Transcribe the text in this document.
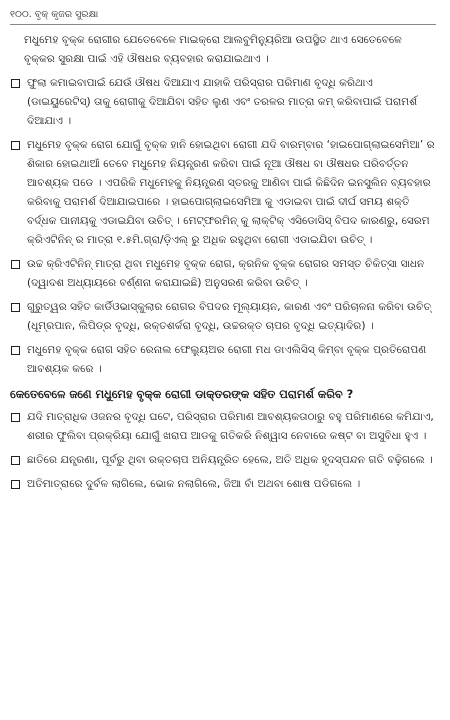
୧୦୦. ବୃକ୍ କୃଜର ସୁରକ୍ଷା

ମଧୁମେହ ବୃକ୍କ ରୋଗୀର ଯେତେବେଳେ ମାଇକ୍ରୋ ଆଲବୁମିନ୍ୟୁରିଆ ଉପସ୍ଥିତ ଥାଏ ସେତେବେଳେ ବୃକ୍କର ସୁରକ୍ଷା ପାଇଁ ଏହି ଔଷଧର ବ୍ୟବହାର କରାଯାଇଥାଏ ।

ଫୁଲା କମାଇବାପାଇଁ ଯେଉଁ ଔଷଧ ଦିଆଯାଏ ଯାହାକି ପରିସ୍ରାର ପରିମାଣ ବୃଦ୍ଧି କରିଥାଏ (ଡାଇୟୁରେଟିସ୍) ତାକୁ ରୋଗୀକୁ ଦିଆଯିବା ସହିତ ଲୁଣ ଏବଂ ତରଳର ମାତ୍ରା କମ୍ କରିବାପାଇଁ ପରାମର୍ଶ ଦିଆଯାଏ ।
ମଧୁମେହ ବୃକ୍କ ରୋଗ ଯୋଗୁଁ ବୃକ୍କ ହାନି ହୋଇଥିବା ରୋଗୀ ଯଦି ବାରମ୍ବାର ‘ହାଇପୋଗ୍ଲାଇସେମିଆ’ ର ଶିକାର ହୋଇଥାଆଁ ତେବେ ମଧୁମେହ ନିୟନ୍ତ୍ରଣ କରିବା ପାଇଁ ନୂଆ ଔଷଧ ବା ଔଷଧର ପରିବର୍ତ୍ତନ ଆବଶ୍ୟକ ପଡେ । ଏପରିକି ମଧୁମେହକୁ ନିୟନ୍ତ୍ରଣ ସ୍ତରକୁ ଆଣିବା ପାଇଁ କିଛିଦିନ ଇନସୁଲିନ ବ୍ୟବହାର କରିବାକୁ ପରାମର୍ଶ ଦିଆଯାଇପାରେ । ହାଇପୋଗ୍ଲାଇସେମିଆ କୁ ଏଡାଇବା ପାଇଁ ଦୀର୍ଘ ସମୟ ଶକ୍ତି ବର୍ଦ୍ଧକ ପାନୀୟକୁ ଏଡାଇଯିବା ଉଚିତ୍ । ମେଟ୍‌ଫରମିନ୍ କୁ ଲାକ୍ଟିକ୍ ଏସିଡୋସିସ୍ ବିପଦ କାରଣରୁ, ସେରମ କ୍ରିଏଟିନିନ୍ ର ମାତ୍ରା ୧.୫ମି.ଗ୍ରା/ଡ଼ିଏଲ୍ ରୁ ଅଧିକ ରହୁଥିବା ରୋଗୀ ଏଡାଇଯିବା ଉଚିତ୍ ।
ଉଚ୍ଚ କ୍ରିଏଟିନିନ୍ ମାତ୍ରା ଥିବା ମଧୁମେହ ବୃକ୍କ ରୋଗ, କ୍ରନିକ ବୃକ୍କ ରୋଗର ସମସ୍ତ ଚିକିତ୍ସା ସାଧନ (ଦ୍ୱାଦଶ ଅଧ୍ୟାୟରେ ବର୍ଣ୍ଣନା କରାଯାଇଛି) ଅନୁସରଣ କରିବା ଉଚିତ୍ ।
ଗୁରୁତ୍ୱର ସହିତ କାର୍ଡିଓଭାସ୍କୁଲାର ରୋଗର ବିପଦର ମୂଲ୍ୟାୟନ, କାରଣ ଏବଂ ପରିଚାଳନା କରିବା ଉଚିତ୍ (ଧୂମ୍ରପାନ, ଲିପିଡ୍‌ର ବୃଦ୍ଧି, ରକ୍ତଶର୍କରା ବୃଦ୍ଧି, ଉଚ୍ଚରକ୍ତ ଚାପର ବୃଦ୍ଧି ଇତ୍ୟାଦିର) ।
ମଧୁମେହ ବୃକ୍କ ରୋଗ ସହିତ ରେନାଲ ଫେଲ୍ୟୁଅର ରୋଗୀ ମଧ ଡାଏଲିସିସ୍ କିମ୍ବା ବୃକ୍କ ପ୍ରତିରୋପଣ ଆବଶ୍ୟକ କରେ ।
କେତେବେଳେ ଜଣେ ମଧୁମେହ ବୃକ୍କ ରୋଗୀ ଡାକ୍ତରଙ୍କ ସହିତ ପରାମର୍ଶ କରିବ ?
ଯଦି ମାତ୍ରାଧିକ ଓଜନର ବୃଦ୍ଧି ଘଟେ, ପରିସ୍ରାର ପରିମାଣ ଆବଶ୍ୟକତାଠାରୁ ବହୁ ପରିମାଣରେ କମିଯାଏ, ଶରୀର ଫୁଲିବା ପ୍ରକ୍ରିୟା ଯୋଗୁଁ ଖରାପ ଆଡକୁ ଗତିକରି ନିଶ୍ୱାସ ନେବାରେ କଷ୍ଟ ବା ଅସୁବିଧା ହୁଏ ।
ଛାତିରେ ଯନ୍ତ୍ରଣା, ପୂର୍ବରୁ ଥିବା ରକ୍ତଚାପ ଅନିୟନ୍ତ୍ରିତ ହେଲେ, ଅତି ଅଧିକ ହୃଦସ୍ପନ୍ଦନ ଗତି ବଢ଼ିଗଲେ ।
ଅତିମାତ୍ରାରେ ଦୁର୍ବଳ ଲାଗିଲେ, ଭୋକ ନଲାଗିଲେ, ଜିଆ ବାଁ ଅଥବା ଶୋଷ ପଡିଗଲେ ।
